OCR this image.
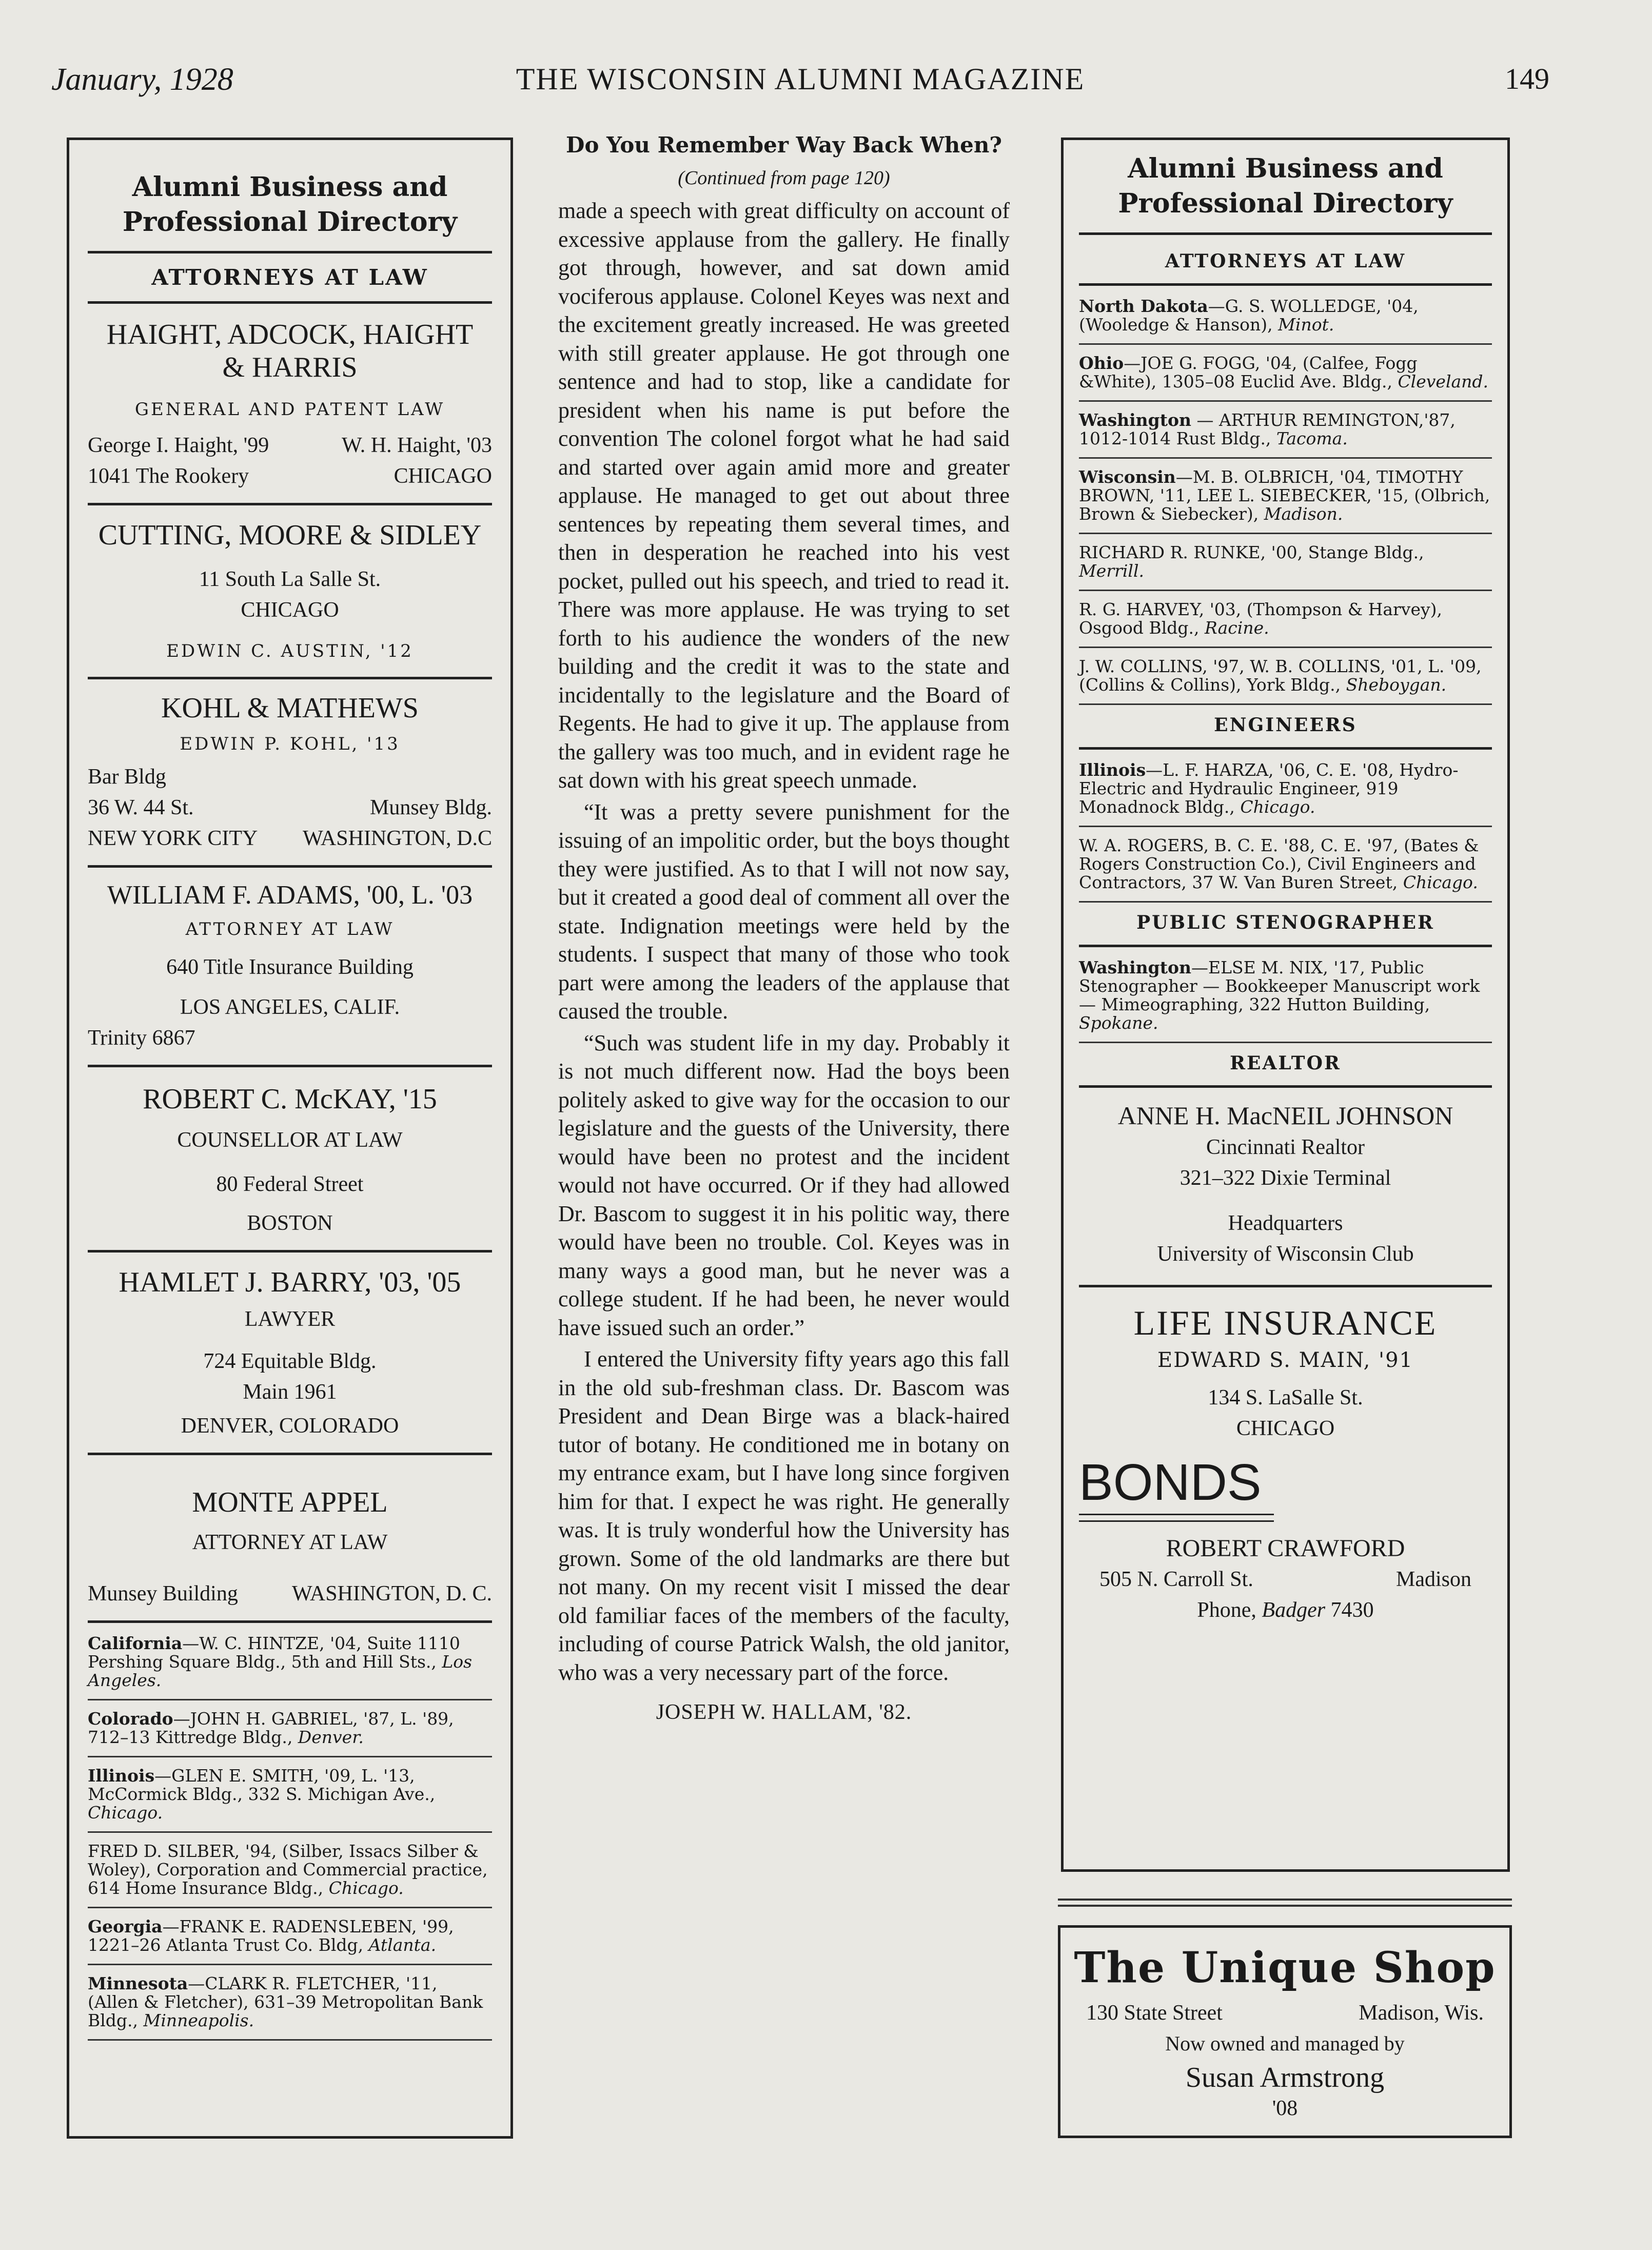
January, 1928	THE WISCONSIN ALUMNI MAGAZINE	149
Alumni Business and
Professional Directory
ATTORNEYS AT LAW
HAIGHT, ADCOCK, HAIGHT
& HARRIS
GENERAL AND PATENT LAW
George I. Haight, '99	W. H. Haight, '03
1041 The Rookery	CHICAGO
CUTTING, MOORE & SIDLEY
11 South La Salle St.
CHICAGO
EDWIN C. AUSTIN, '12
KOHL & MATHEWS
EDWIN P. KOHL, '13
Bar Bldg
36 W. 44 St.	Munsey Bldg.
NEW YORK CITY WASHINGTON, D.C
WILLIAM F. ADAMS, '00, L. '03
ATTORNEY AT LAW
640 Title Insurance Building
LOS ANGELES, CALIF.
Trinity 6867
ROBERT C. McKAY, '15
COUNSELLOR AT LAW
80 Federal Street
BOSTON
HAMLET J. BARRY, '03, '05
LAWYER
724 Equitable Bldg.
Main 1961
DENVER, COLORADO
MONTE APPEL
ATTORNEY AT LAW
Munsey Building	WASHINGTON, D. C.
California—W. C. HINTZE, '04, Suite 1110 Pershing Square Bldg., 5th and Hill Sts., Los Angeles.
Colorado—JOHN H. GABRIEL, '87, L. '89, 712–13 Kittredge Bldg., Denver.
Illinois—GLEN E. SMITH, '09, L. '13, McCormick Bldg., 332 S. Michigan Ave., Chicago.
FRED D. SILBER, '94, (Silber, Issacs Silber & Woley), Corporation and Commercial practice, 614 Home Insurance Bldg., Chicago.
Georgia—FRANK E. RADENSLEBEN, '99, 1221–26 Atlanta Trust Co. Bldg, Atlanta.
Minnesota—CLARK R. FLETCHER, '11, (Allen & Fletcher), 631–39 Metropolitan Bank Bldg., Minneapolis.
Do You Remember Way Back When?
(Continued from page 120)

made a speech with great difficulty on account of excessive applause from the gallery. He finally got through, however, and sat down amid vociferous applause. Colonel Keyes was next and the excitement greatly increased. He was greeted with still greater applause. He got through one sentence and had to stop, like a candidate for president when his name is put before the convention The colonel forgot what he had said and started over again amid more and greater applause. He managed to get out about three sentences by repeating them several times, and then in desperation he reached into his vest pocket, pulled out his speech, and tried to read it. There was more applause. He was trying to set forth to his audience the wonders of the new building and the credit it was to the state and incidentally to the legislature and the Board of Regents. He had to give it up. The applause from the gallery was too much, and in evident rage he sat down with his great speech unmade.

“It was a pretty severe punishment for the issuing of an impolitic order, but the boys thought they were justified. As to that I will not now say, but it created a good deal of comment all over the state. Indignation meetings were held by the students. I suspect that many of those who took part were among the leaders of the applause that caused the trouble.

“Such was student life in my day. Probably it is not much different now. Had the boys been politely asked to give way for the occasion to our legislature and the guests of the University, there would have been no protest and the incident would not have occurred. Or if they had allowed Dr. Bascom to suggest it in his politic way, there would have been no trouble. Col. Keyes was in many ways a good man, but he never was a college student. If he had been, he never would have issued such an order.”

I entered the University fifty years ago this fall in the old sub-freshman class. Dr. Bascom was President and Dean Birge was a black-haired tutor of botany. He conditioned me in botany on my entrance exam, but I have long since forgiven him for that. I expect he was right. He generally was. It is truly wonderful how the University has grown. Some of the old landmarks are there but not many. On my recent visit I missed the dear old familiar faces of the members of the faculty, including of course Patrick Walsh, the old janitor, who was a very necessary part of the force.

JOSEPH W. HALLAM, '82.
Alumni Business and
Professional Directory
ATTORNEYS AT LAW
North Dakota—G. S. WOLLEDGE, '04, (Wooledge & Hanson), Minot.
Ohio—JOE G. FOGG, '04, (Calfee, Fogg &White), 1305–08 Euclid Ave. Bldg., Cleveland.
Washington — ARTHUR REMINGTON,'87, 1012-1014 Rust Bldg., Tacoma.
Wisconsin—M. B. OLBRICH, '04, TIMOTHY BROWN, '11, LEE L. SIEBECKER, '15, (Olbrich, Brown & Siebecker), Madison.
RICHARD R. RUNKE, '00, Stange Bldg., Merrill.
R. G. HARVEY, '03, (Thompson & Harvey), Osgood Bldg., Racine.
J. W. COLLINS, '97, W. B. COLLINS, '01, L. '09, (Collins & Collins), York Bldg., Sheboygan.
ENGINEERS
Illinois—L. F. HARZA, '06, C. E. '08, Hydro-Electric and Hydraulic Engineer, 919 Monadnock Bldg., Chicago.
W. A. ROGERS, B. C. E. '88, C. E. '97, (Bates & Rogers Construction Co.), Civil Engineers and Contractors, 37 W. Van Buren Street, Chicago.
PUBLIC STENOGRAPHER
Washington—ELSE M. NIX, '17, Public Stenographer — Bookkeeper Manuscript work — Mimeographing, 322 Hutton Building, Spokane.
REALTOR
ANNE H. MacNEIL JOHNSON
Cincinnati Realtor
321–322 Dixie Terminal
Headquarters
University of Wisconsin Club
LIFE INSURANCE
EDWARD S. MAIN, '91
134 S. LaSalle St.
CHICAGO
BONDS
ROBERT CRAWFORD
505 N. Carroll St.	Madison
Phone, Badger 7430
The Unique Shop
130 State Street	Madison, Wis.
Now owned and managed by
Susan Armstrong
'08
